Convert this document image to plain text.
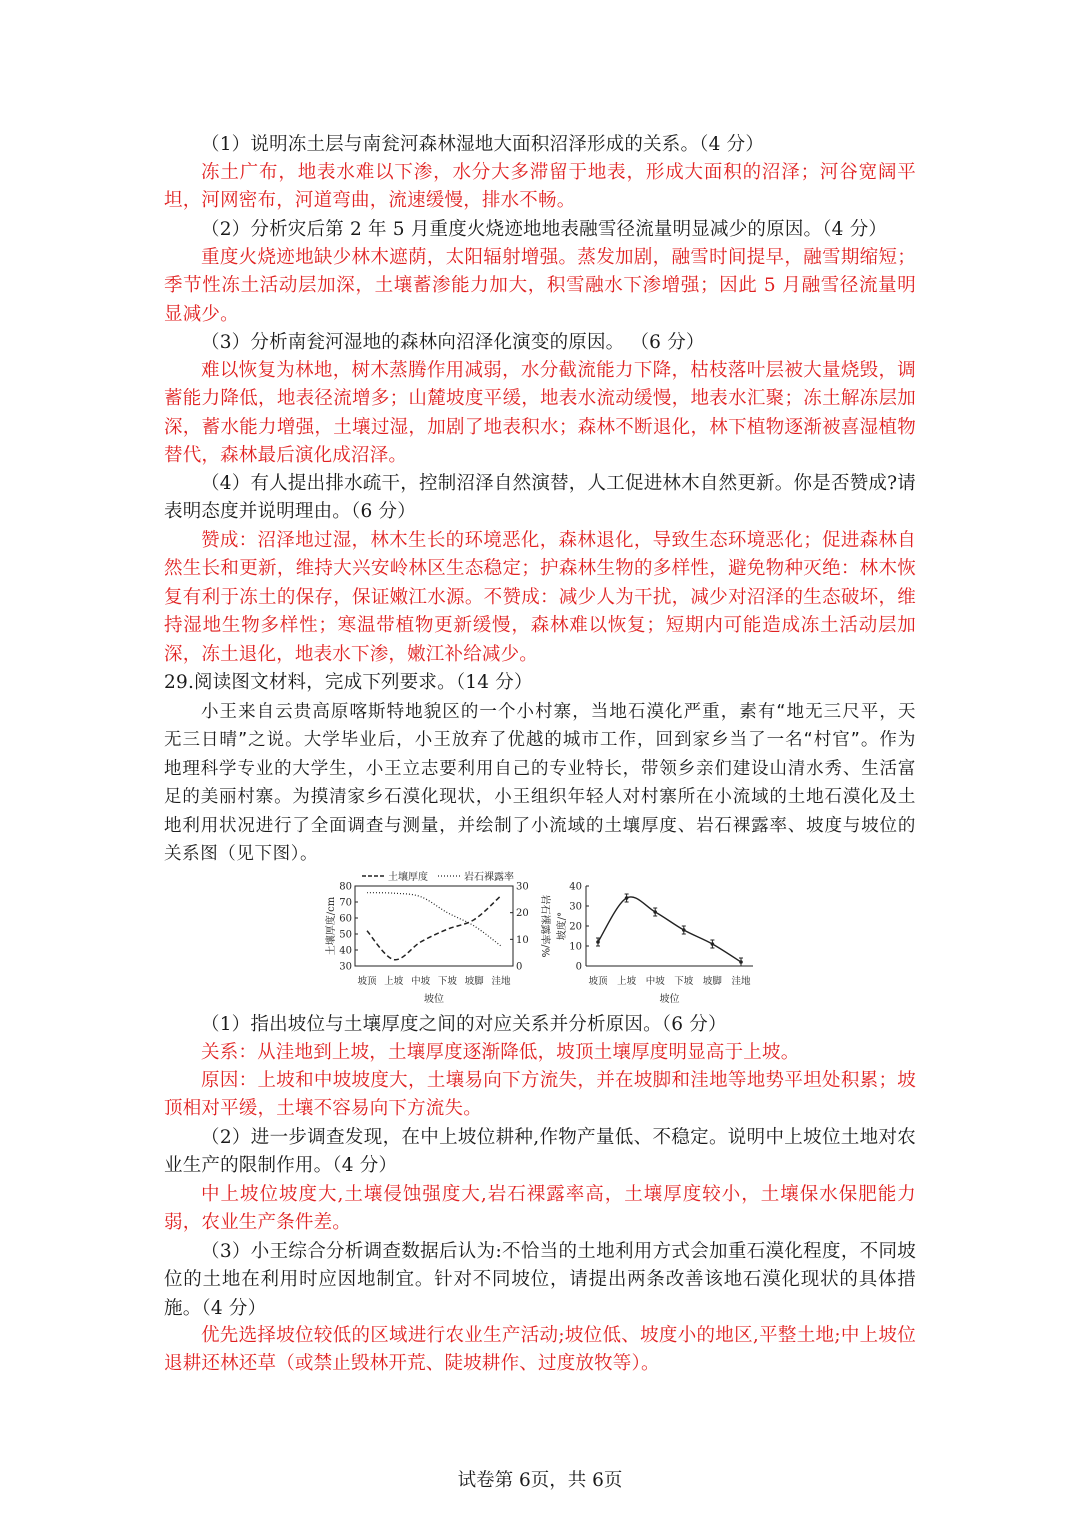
（1）说明冻土层与南瓮河森林湿地大面积沼泽形成的关系。（4 分）

冻土广布，地表水难以下渗，水分大多滞留于地表，形成大面积的沼泽；河谷宽阔平坦，河网密布，河道弯曲，流速缓慢，排水不畅。

（2）分析灾后第 2 年 5 月重度火烧迹地地表融雪径流量明显减少的原因。（4 分）

重度火烧迹地缺少林木遮荫，太阳辐射增强。蒸发加剧，融雪时间提早，融雪期缩短；季节性冻土活动层加深，土壤蓄渗能力加大，积雪融水下渗增强；因此 5 月融雪径流量明显减少。

（3）分析南瓮河湿地的森林向沼泽化演变的原因。 （6 分）

难以恢复为林地，树木蒸腾作用减弱，水分截流能力下降，枯枝落叶层被大量烧毁，调蓄能力降低，地表径流增多；山麓坡度平缓，地表水流动缓慢，地表水汇聚；冻土解冻层加深，蓄水能力增强，土壤过湿，加剧了地表积水；森林不断退化，林下植物逐渐被喜湿植物替代，森林最后演化成沼泽。

（4）有人提出排水疏干，控制沼泽自然演替，人工促进林木自然更新。你是否赞成?请表明态度并说明理由。（6 分）

赞成：沼泽地过湿，林木生长的环境恶化，森林退化，导致生态环境恶化；促进森林自然生长和更新，维持大兴安岭林区生态稳定；护森林生物的多样性，避免物种灭绝：林木恢复有利于冻土的保存，保证嫩江水源。不赞成：减少人为干扰，减少对沼泽的生态破坏，维持湿地生物多样性；寒温带植物更新缓慢，森林难以恢复；短期内可能造成冻土活动层加深，冻土退化，地表水下渗，嫩江补给减少。

29.阅读图文材料，完成下列要求。（14 分）

小王来自云贵高原喀斯特地貌区的一个小村寨，当地石漠化严重，素有“地无三尺平，天无三日晴”之说。大学毕业后，小王放弃了优越的城市工作，回到家乡当了一名“村官”。作为地理科学专业的大学生，小王立志要利用自己的专业特长，带领乡亲们建设山清水秀、生活富足的美丽村寨。为摸清家乡石漠化现状，小王组织年轻人对村寨所在小流域的土地石漠化及土地利用状况进行了全面调查与测量，并绘制了小流域的土壤厚度、岩石裸露率、坡度与坡位的关系图（见下图）。

30
40
50
60
70
80
0
10
20
30
坡顶 上坡 中坡 下坡 坡脚 洼地
坡位
土壤厚度/cm	岩石裸露率/%
土壤厚度	岩石裸露率
0
10
20
30
40
坡顶 上坡 中坡 下坡 坡脚 洼地
坡位
坡度/°

（1）指出坡位与土壤厚度之间的对应关系并分析原因。（6 分）

关系：从洼地到上坡，土壤厚度逐渐降低，坡顶土壤厚度明显高于上坡。

原因：上坡和中坡坡度大，土壤易向下方流失，并在坡脚和洼地等地势平坦处积累；坡顶相对平缓，土壤不容易向下方流失。

（2）进一步调查发现，在中上坡位耕种,作物产量低、不稳定。说明中上坡位土地对农业生产的限制作用。（4 分）

中上坡位坡度大,土壤侵蚀强度大,岩石裸露率高，土壤厚度较小，土壤保水保肥能力弱，农业生产条件差。

（3）小王综合分析调查数据后认为:不恰当的土地利用方式会加重石漠化程度，不同坡位的土地在利用时应因地制宜。针对不同坡位，请提出两条改善该地石漠化现状的具体措施。（4 分）

优先选择坡位较低的区域进行农业生产活动;坡位低、坡度小的地区,平整土地;中上坡位退耕还林还草（或禁止毁林开荒、陡坡耕作、过度放牧等）。

试卷第 6页，共 6页
